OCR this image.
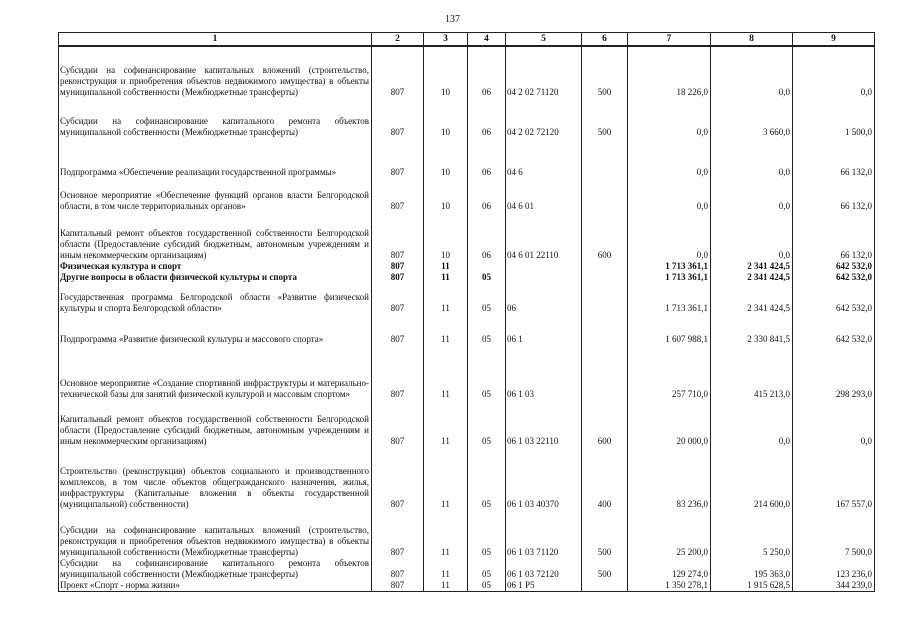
137
1	2	3	4	5	6	7	8	9
Субсидии на софинансирование капитальных вложений (строительство, реконструкция и приобретения объектов недвижимого имущества) в объекты муниципальной собственности (Межбюджетные трансферты)	807	10	06	04 2 02 71120	500	18 226,0	0,0	0,0
Субсидии на софинансирование капитального ремонта объектов муниципальной собственности (Межбюджетные трансферты)	807	10	06	04 2 02 72120	500	0,0	3 660,0	1 500,0
Подпрограмма «Обеспечение реализации государственной программы»	807	10	06	04 6		0,0	0,0	66 132,0
Основное мероприятие «Обеспечение функций органов власти Белгородской области, в том числе территориальных органов»	807	10	06	04 6 01		0,0	0,0	66 132,0
Капитальный ремонт объектов государственной собственности Белгородской области (Предоставление субсидий бюджетным, автономным учреждениям и иным некоммерческим организациям)	807	10	06	04 6 01 22110	600	0,0	0,0	66 132,0
Физическая культура и спорт	807	11				1 713 361,1	2 341 424,5	642 532,0
Другие вопросы в области физической культуры и спорта	807	11	05			1 713 361,1	2 341 424,5	642 532,0
Государственная программа Белгородской области «Развитие физической культуры и спорта Белгородской области»	807	11	05	06		1 713 361,1	2 341 424,5	642 532,0
Подпрограмма «Развитие физической культуры и массового спорта»	807	11	05	06 1		1 607 988,1	2 330 841,5	642 532,0
Основное мероприятие «Создание спортивной инфраструктуры и материально-технической базы для занятий физической культурой и массовым спортом»	807	11	05	06 1 03		257 710,0	415 213,0	298 293,0
Капитальный ремонт объектов государственной собственности Белгородской области (Предоставление субсидий бюджетным, автономным учреждениям и иным некоммерческим организациям)	807	11	05	06 1 03 22110	600	20 000,0	0,0	0,0
Строительство (реконструкция) объектов социального и производственного комплексов, в том числе объектов общегражданского назначения, жилья, инфраструктуры (Капитальные вложения в объекты государственной (муниципальной) собственности)	807	11	05	06 1 03 40370	400	83 236,0	214 600,0	167 557,0
Субсидии на софинансирование капитальных вложений (строительство, реконструкция и приобретения объектов недвижимого имущества) в объекты муниципальной собственности (Межбюджетные трансферты)	807	11	05	06 1 03 71120	500	25 200,0	5 250,0	7 500,0
Субсидии на софинансирование капитального ремонта объектов муниципальной собственности (Межбюджетные трансферты)	807	11	05	06 1 03 72120	500	129 274,0	195 363,0	123 236,0
Проект «Спорт - норма жизни»	807	11	05	06 1 P5		1 350 278,1	1 915 628,5	344 239,0
